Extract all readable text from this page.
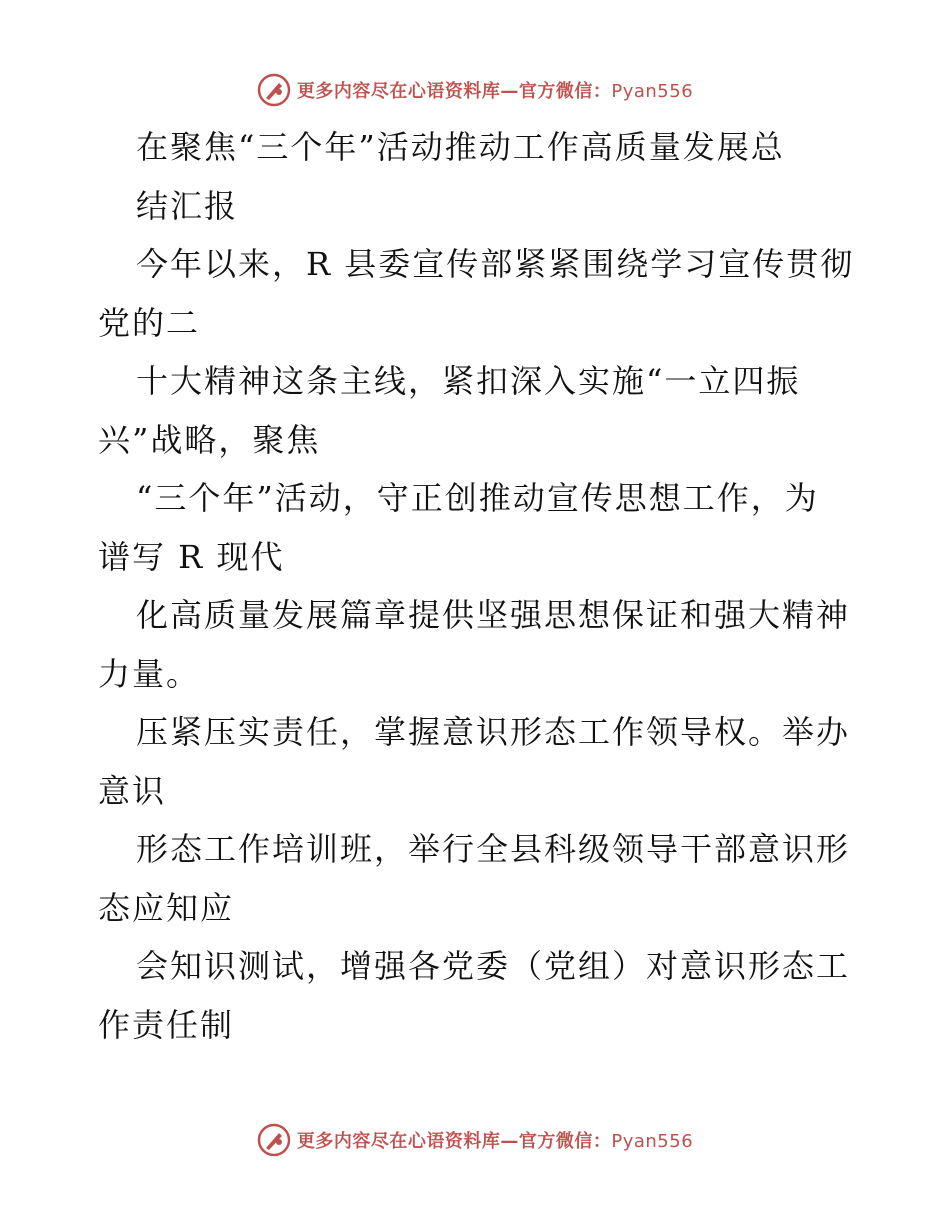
更多内容尽在心语资料库—官方微信：Pyan556
在聚焦“三个年”活动推动工作高质量发展总
结汇报
今年以来，R 县委宣传部紧紧围绕学习宣传贯彻
党的二
十大精神这条主线，紧扣深入实施“一立四振
兴”战略，聚焦
“三个年”活动，守正创推动宣传思想工作，为
谱写 R 现代
化高质量发展篇章提供坚强思想保证和强大精神
力量。
压紧压实责任，掌握意识形态工作领导权。举办
意识
形态工作培训班，举行全县科级领导干部意识形
态应知应
会知识测试，增强各党委（党组）对意识形态工
作责任制
更多内容尽在心语资料库—官方微信：Pyan556
